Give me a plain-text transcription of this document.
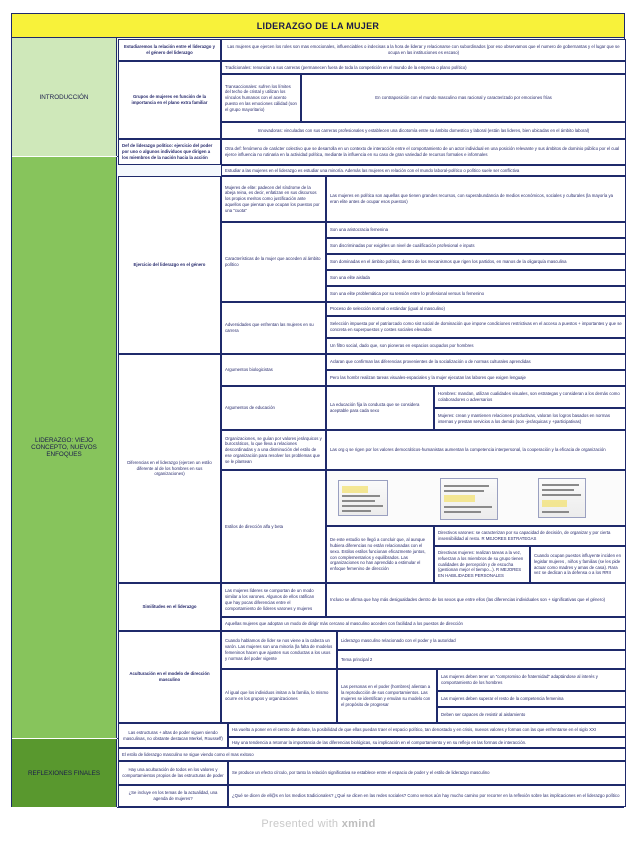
LIDERAZGO DE LA MUJER
INTRODUCCIÓN
LIDERAZGO: VIEJO CONCEPTO, NUEVOS ENFOQUES
REFLEXIONES FINALES
Estudiaremos la relación entre el liderazgo y el género del liderazgo
Las mujeres que ejercen los roles son mas emocionales, influenciables o indecisas a la hora de liderar y relacionarse con subordinados (por eso observamos que el numero de gobernantas y el lugar que se ocupa en las instituciones es escaso)
Grupos de mujeres en función de la importancia en el plano extra familiar
Tradicionales: renuncian a sus carreras (permanecen fuera de toda la competición en el mundo de la empresa o plano político)
Transaccionales: sufren los límites del techo de cristal y utilizan los vínculos humanos con el acento puesto en las emociones cálidad (son el grupo mayoritario)
En contraposición con el mundo masculino mas racional y caracterizado por emociones frías
Innovadoras: vinculadas con sus carreras profesionales y establecen una dicotomía entre su ámbito domestico y laboral (están las lideres, bien ubicadas en el ámbito laboral)
Def de liderazgo político: ejercicio del poder por uno o algunos individuos que dirigen a los miembros de la nación hacia la acción
Otra def: fenómeno de carácter colectivo que se desarrolla en un contexto de interacción entre el comportamiento de un actor individual en una posición relevante y sus ámbitos de dominio público por el cual ejerce influencia no rutinaria en la actividad política, mediante la influencia en su caso de gran variedad de recursos formales e informales
Estudiar a las mujeres en el liderazgo es estudiar una minoría. Además las mujeres en relación con el mundo laboral-político o político suele ser conflictiva
Ejercicio del liderazgo en el género
Mujeres de elite: padecen del síndrome de la abeja reina, es decir, enfatizan en sus discursos los propios meritos como justificación ante aquellos que piensan que ocupan los puestos por una "cuota"
Las mujeres en política son aquellas que tienen grandes recursos, con superabundancia de medios económicos, sociales y culturales (la mayoría ya eran elite antes de ocupar esos puestos)
Características de la mujer que acceden al ámbito político
Son una aristocracia femenina
Son discriminadas por exigirles un nivel de cualificación profesional e inputs
Son dominadas en el ámbito político, dentro de los mecanismos que rigen los partidos, en manos de la oligarquía masculina
Son una elite aislada
Son una elite problemática por su tensión entre lo profesional versus lo femenino
Adversidades que enfrentan las mujeres en su carrera
Proceso de selección normal o estándar (igual al masculino)
Selección impuesta por el patriarcado como sist social de dominación que impone condiciones restrictivas en el acceso a puestos + importantes y que se concreta en superpuestos y costes sociales elevados
Un filtro social, dado que, son pioneras en espacios ocupados por hombres
Diferencias en el liderazgo (ejercen un estilo diferente al de los hombres en sus organizaciones)
Argumentos biologicistas
Aclaran que confirman las diferencias provenientes de la socialización o de normas culturales aprendidas
Pero las hombr realizan tareas visuales-espaciales y la mujer ejecutan las labores que exigen lenguaje
Argumentos de educación
La educación fija la conducta que se considera aceptable para cada sexo
Hombres: mandan, utilizan cualidades visuales, son estrategas y consideran a los demás como colaboradores o adversarios
Mujeres: crean y mantienen relaciones productivas, valoran los logros basados en normas internas y prestan servicios a los demás (son -jerárquicas y +participativas)
Organizaciones, se guían por valores jerárquicos y burocráticos, lo que lleva a relaciones descordinadas y a una disminución del estilo de ese organización para resolver los problemas que se le plantean
Las org q se rigen por los valores democráticos-humanistas aumentan la competencia interpersonal, la cooperación y la eficacia de organización
Estilos de dirección alfa y beta
De este estudio se llegó a concluir que, al aunque hubiera diferencias no están relacionadas con el sexo. Estilos estilos funcionan eficazmente juntos, con complementarios y equilibrados. Las organizaciones no han aprendido a estimular el enfoque femenino de dirección
Directivos varones: se caracterizan por su capacidad de decisión, de organizar y por cierta insensibilidad al resto. R MEJORES ESTRATEGAS
Directivas mujeres: realizan tareas a la vez, refuerzan a los miembros de su grupo tienen cualidades de percepción y de escucha (gestionan mejor el tiempo...). R MEJORES EN HABILIDADES PERSONALES
Cuando ocupan puestos influyente inciden en legislar mujeres , niños y familias (se les pide actuar como madres y amas de casa). Rara vez se dedican a la defensa o a los RRII
Similitudes en el liderazgo
Las mujeres líderes se comportan de un modo similar a los varones. Algunos de ellos ratifican que hay pocas diferencias entre el comportamiento de líderes varones y mujeres
Incluso se afirma que hay más desigualdades dentro de los sexos que entre ellos (las diferencias individuales son + significativas que el género)
Aquellas mujeres que adoptan un modo de dirigir más cercano al masculino acceden con facilidad a los puestos de dirección
Aculturación en el modelo de dirección masculino
Cuando hablamos de líder se nos viene a la cabeza un varón. Las mujeres son una minoría (la falta de modelos femeninos hacen que ajusten sus conductas a los usos y normas del poder vigente
Liderazgo masculino relacionado con el poder y la autoridad
Tema principal 2
Al igual que los individuos imitan a la familia, lo mismo ocurre en los grupos y organizaciones
Las personas en el poder (hombres) alientan a la reproducción de sus comportamientos. Las mujeres se identifican y emulan su modelo con el propósito de progresar
Las mujeres deben tener un "compromiso de fraternidad" adaptándose al interés y comportamiento de los hombres
Las mujeres deben superar el resto de la competencia femenina
Deben ser capaces de resistir al aislamiento
Las estructuras + altas de poder siguen siendo masculinas, no obstante destacan Merkel, Rousseff)
Ha vuelto a poner en el centro de debate, la posibilidad de que ellas puedan traer el espacio político, tan denostado y en crisis, nuevos valores y formas con las que enfrentarse en el siglo XXI
Hay una tendencia a retomar la importancia de las diferencias biológicas, su implicación en el comportamiento y en su reflejo en las formas de interacción.
El estilo de liderazgo masculino se sigue viendo como el mas exitoso
Hay una aculturación de todos en los valores y comportamientos propios de las estructuras de poder
Se produce un efecto círculo, por tanto la relación significativa se establece entre el espacio de poder y el estilo de liderazgo masculino
¿Se incluye en los temas de la actualidad, una agenda de mujeres?
¿Qué se dicen de ell@s en los medios tradicionales? ¿Qué se dicen en las redes sociales? Como vemos aún hay mucho camino por recorrer en la reflexión sobre las implicaciones en el liderazgo político
Presented with xmind
